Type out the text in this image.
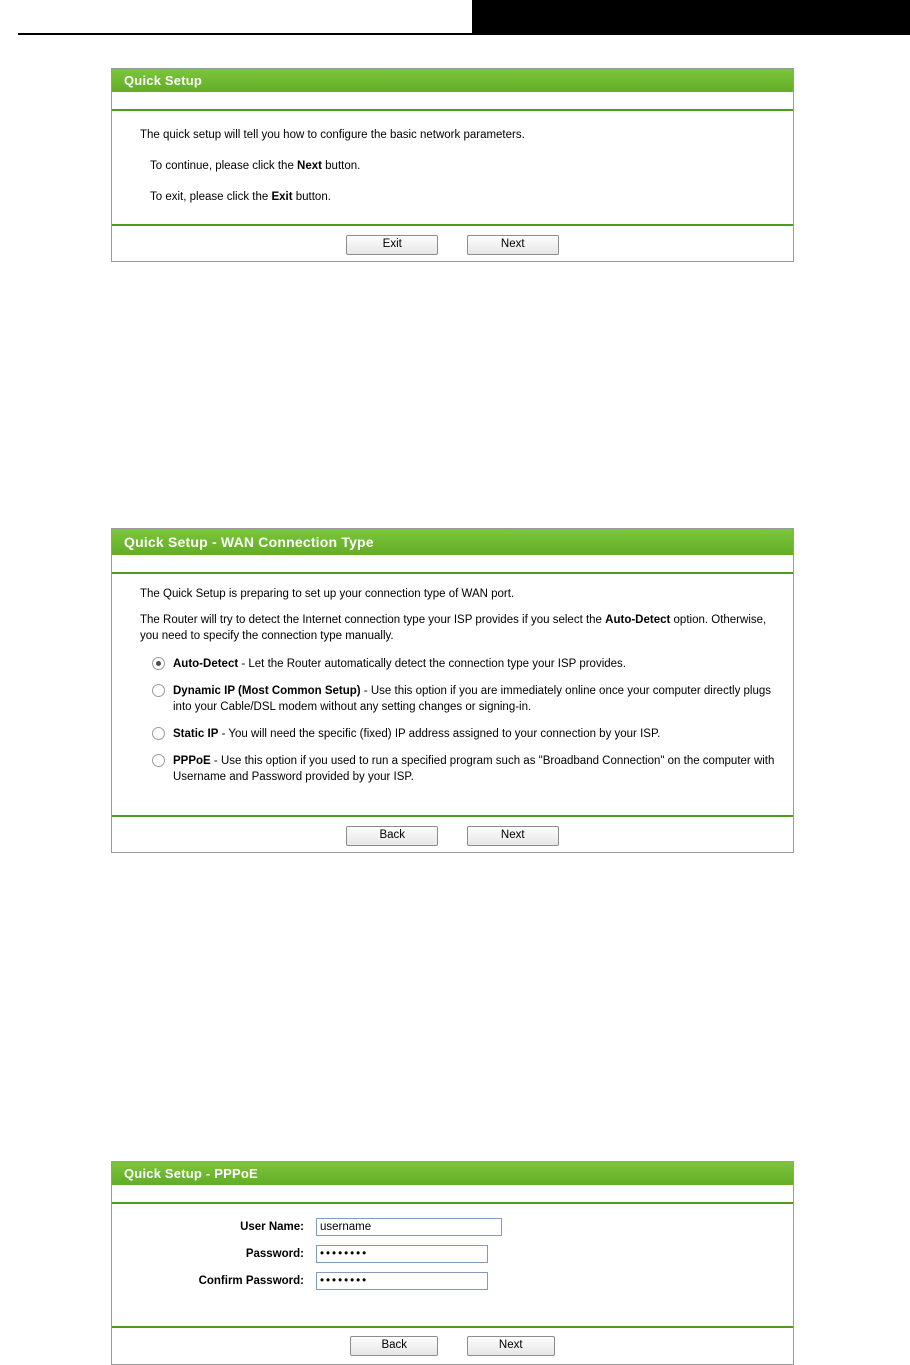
Quick Setup

The quick setup will tell you how to configure the basic network parameters.

To continue, please click the Next button.

To exit, please click the Exit button.

Exit	Next
Quick Setup - WAN Connection Type

The Quick Setup is preparing to set up your connection type of WAN port.

The Router will try to detect the Internet connection type your ISP provides if you select the Auto-Detect option. Otherwise, you need to specify the connection type manually.

Auto-Detect - Let the Router automatically detect the connection type your ISP provides.
Dynamic IP (Most Common Setup) - Use this option if you are immediately online once your computer directly plugs into your Cable/DSL modem without any setting changes or signing-in.
Static IP - You will need the specific (fixed) IP address assigned to your connection by your ISP.
PPPoE - Use this option if you used to run a specified program such as "Broadband Connection" on the computer with Username and Password provided by your ISP.
Back	Next
Quick Setup - PPPoE
User Name:
username
Password:
••••••••
Confirm Password:
••••••••
Back	Next
